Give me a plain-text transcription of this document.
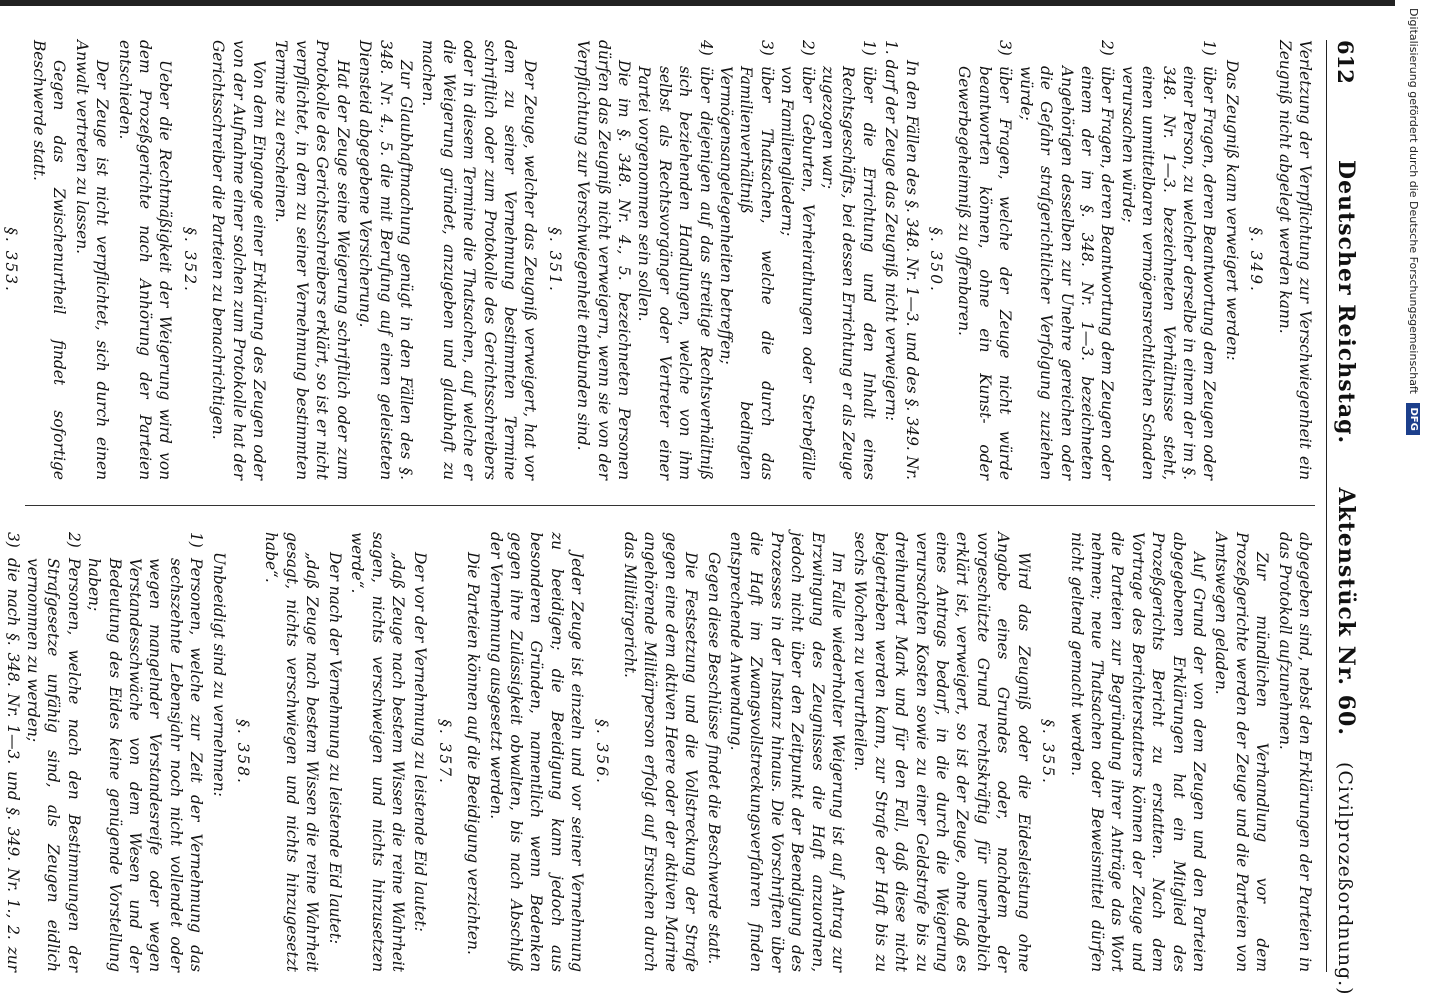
612
Deutscher Reichstag.     Aktenstück Nr. 60.   (Civilprozeßordnung.)

Verletzung der Verpflichtung zur Verschwiegenheit ein Zeugniß nicht abgelegt werden kann.

§. 349.

Das Zeugniß kann verweigert werden:

1)über Fragen, deren Beantwortung dem Zeugen oder einer Person, zu welcher derselbe in einem der im §. 348. Nr. 1—3. bezeichneten Verhältnisse steht, einen unmittelbaren vermögensrechtlichen Schaden verursachen würde;

2)über Fragen, deren Beantwortung dem Zeugen oder einem der im §. 348. Nr. 1—3. bezeichneten Angehörigen desselben zur Unehre gereichen oder die Gefahr strafgerichtlicher Verfolgung zuziehen würde;

3)über Fragen, welche der Zeuge nicht würde beantworten können, ohne ein Kunst- oder Gewerbegeheimniß zu offenbaren.

§. 350.

In den Fällen des §. 348. Nr. 1—3. und des §. 349. Nr. 1. darf der Zeuge das Zeugniß nicht verweigern:

1)über die Errichtung und den Inhalt eines Rechtsgeschäfts, bei dessen Errichtung er als Zeuge zugezogen war;

2)über Geburten, Verheirathungen oder Sterbefälle von Familiengliedern;

3)über Thatsachen, welche die durch das Familienverhältniß bedingten Vermögensangelegenheiten betreffen;

4)über diejenigen auf das streitige Rechtsverhältniß sich beziehenden Handlungen, welche von ihm selbst als Rechtsvorgänger oder Vertreter einer Partei vorgenommen sein sollen.

Die im §. 348. Nr. 4., 5. bezeichneten Personen dürfen das Zeugniß nicht verweigern, wenn sie von der Verpflichtung zur Verschwiegenheit entbunden sind.

§. 351.

Der Zeuge, welcher das Zeugniß verweigert, hat vor dem zu seiner Vernehmung bestimmten Termine schriftlich oder zum Protokolle des Gerichtsschreibers oder in diesem Termine die Thatsachen, auf welche er die Weigerung gründet, anzugeben und glaubhaft zu machen.

Zur Glaubhaftmachung genügt in den Fällen des §. 348. Nr. 4., 5. die mit Berufung auf einen geleisteten Diensteid abgegebene Versicherung.

Hat der Zeuge seine Weigerung schriftlich oder zum Protokolle des Gerichtsschreibers erklärt, so ist er nicht verpflichtet, in dem zu seiner Vernehmung bestimmten Termine zu erscheinen.

Von dem Eingange einer Erklärung des Zeugen oder von der Aufnahme einer solchen zum Protokolle hat der Gerichtsschreiber die Parteien zu benachrichtigen.

§. 352.

Ueber die Rechtmäßigkeit der Weigerung wird von dem Prozeßgerichte nach Anhörung der Parteien entschieden.

Der Zeuge ist nicht verpflichtet, sich durch einen Anwalt vertreten zu lassen.

Gegen das Zwischenurtheil findet sofortige Beschwerde statt.

§. 353.

abgegeben sind, nebst den Erklärungen der Parteien in das Protokoll aufzunehmen.

Zur mündlichen Verhandlung vor dem Prozeßgerichte werden der Zeuge und die Parteien von Amtswegen geladen.

Auf Grund der von dem Zeugen und den Parteien abgegebenen Erklärungen hat ein Mitglied des Prozeßgerichts Bericht zu erstatten. Nach dem Vortrage des Berichterstatters können der Zeuge und die Parteien zur Begründung ihrer Anträge das Wort nehmen; neue Thatsachen oder Beweismittel dürfen nicht geltend gemacht werden.

§. 355.

Wird das Zeugniß oder die Eidesleistung ohne Angabe eines Grundes oder, nachdem der vorgeschützte Grund rechtskräftig für unerheblich erklärt ist, verweigert, so ist der Zeuge, ohne daß es eines Antrags bedarf, in die durch die Weigerung verursachten Kosten sowie zu einer Geldstrafe bis zu dreihundert Mark und für den Fall, daß diese nicht beigetrieben werden kann, zur Strafe der Haft bis zu sechs Wochen zu verurtheilen.

Im Falle wiederholter Weigerung ist auf Antrag zur Erzwingung des Zeugnisses die Haft anzuordnen, jedoch nicht über den Zeitpunkt der Beendigung des Prozesses in der Instanz hinaus. Die Vorschriften über die Haft im Zwangsvollstreckungsverfahren finden entsprechende Anwendung.

Gegen diese Beschlüsse findet die Beschwerde statt.

Die Festsetzung und die Vollstreckung der Strafe gegen eine dem aktiven Heere oder der aktiven Marine angehörende Militärperson erfolgt auf Ersuchen durch das Militärgericht.

§. 356.

Jeder Zeuge ist einzeln und vor seiner Vernehmung zu beeidigen; die Beeidigung kann jedoch aus besonderen Gründen, namentlich wenn Bedenken gegen ihre Zulässigkeit obwalten, bis nach Abschluß der Vernehmung ausgesetzt werden.

Die Parteien können auf die Beeidigung verzichten.

§. 357.

Der vor der Vernehmung zu leistende Eid lautet:

„daß Zeuge nach bestem Wissen die reine Wahrheit sagen, nichts verschweigen und nichts hinzusetzen werde“.

Der nach der Vernehmung zu leistende Eid lautet:

„daß Zeuge nach bestem Wissen die reine Wahrheit gesagt, nichts verschwiegen und nichts hinzugesetzt habe“.

§. 358.

Unbeeidigt sind zu vernehmen:

1)Personen, welche zur Zeit der Vernehmung das sechszehnte Lebensjahr noch nicht vollendet oder wegen mangelnder Verstandesreife oder wegen Verstandesschwäche von dem Wesen und der Bedeutung des Eides keine genügende Vorstellung haben;

2)Personen, welche nach den Bestimmungen der Strafgesetze unfähig sind, als Zeugen eidlich vernommen zu werden;

3)die nach §. 348. Nr. 1—3. und §. 349. Nr. 1., 2. zur

Digitalisierung gefördert durch die Deutsche Forschungsgemeinschaft DFG
